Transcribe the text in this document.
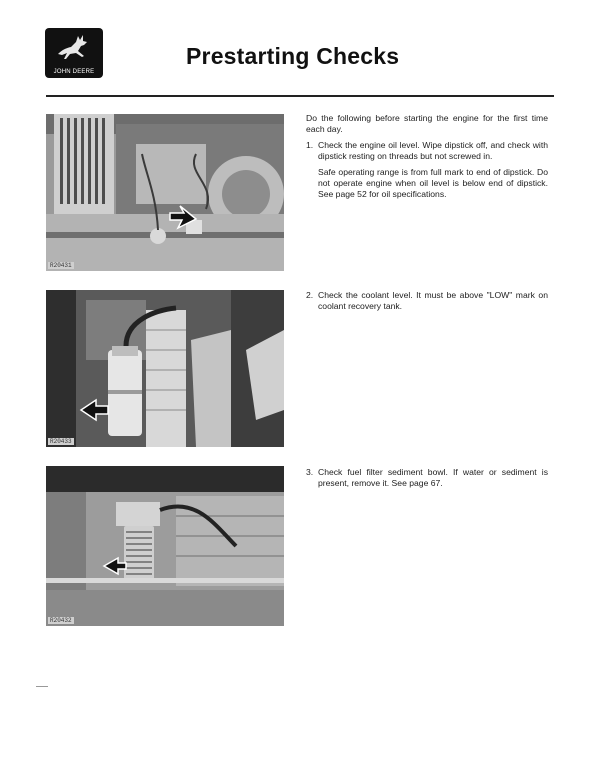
JOHN DEERE
Prestarting Checks
R20431
R20433
R20432

Do the following before starting the engine for the first time each day.

1. Check the engine oil level. Wipe dipstick off, and check with dipstick resting on threads but not screwed in.
Safe operating range is from full mark to end of dipstick. Do not operate engine when oil level is below end of dipstick. See page 52 for oil specifications.
2. Check the coolant level. It must be above "LOW" mark on coolant recovery tank.
3. Check fuel filter sediment bowl. If water or sediment is present, remove it. See page 67.
